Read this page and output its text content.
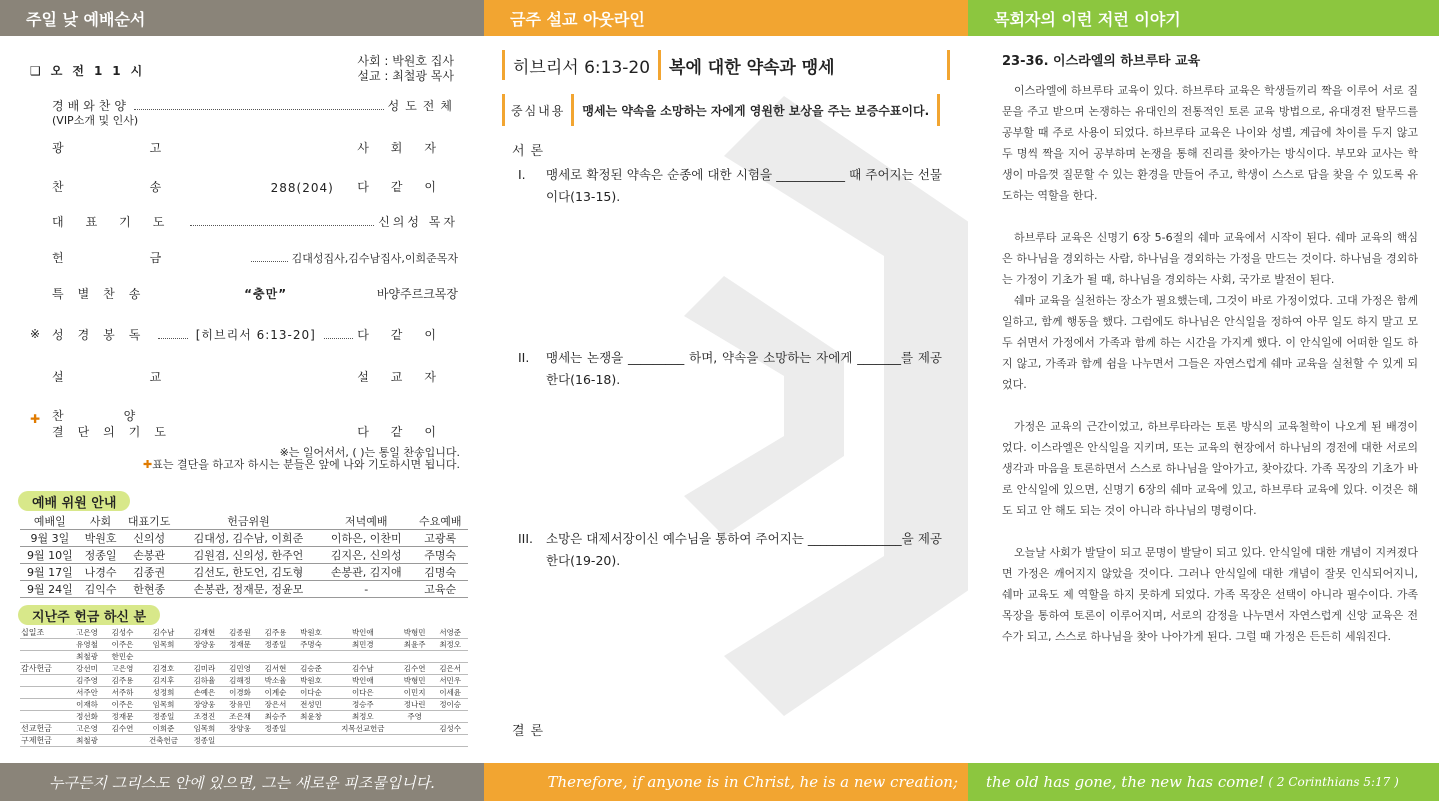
주일 낮 예배순서	금주 설교 아웃라인	목회자의 이런 저런 이야기
❑ 오전11시
사회 : 박원호 집사
설교 : 최철광 목사
경배와찬양	성도전체
(VIP소개 및 인사)
광고	사회자
찬송	288(204)	다같이
대표기도	신의성 목자
헌금	김대성집사,김수남집사,이희준목자
특별찬송	“충만”	바양주르크목장
※ 성경봉독	[히브리서 6:13-20]	다같이
설교	설교자
✚ 찬양
결단의기도	다같이
※는 일어서서, ( )는 통일 찬송입니다.
✚표는 결단을 하고자 하시는 분들은 앞에 나와 기도하시면 됩니다.
예배 위원 안내
예배일	사회	대표기도	헌금위원	저녁예배	수요예배
9월 3일	박원호	신의성	김대성, 김수남, 이희준	이하은, 이찬미	고광록
9월 10일	정종일	손봉관	김원겸, 신의성, 한주언	김지은, 신의성	주명숙
9월 17일	나경수	김종권	김선도, 한도언, 김도형	손봉관, 김지애	김명숙
9월 24일	김익수	한현종	손봉관, 정재문, 정윤모	-	고육순
지난주 헌금 하신 분
십일조	고은영	김성수	김수남	김재현	김종원	김주용	박원호	박인애	박형민	서영준
	유영철	이주은	임목희	장양웅	정재문	정종일	주명숙	최민경	최윤주	최정오
	최철광	한민순								
감사헌금	강선미	고은영	김경호	김미라	김민영	김서현	김승준	김수남	김수연	김은서
	김주영	김주용	김지후	김하율	김해정	박소율	박원호	박인애	박형민	서민우
	서주안	서주하	성정희	손예은	이경화	이계순	이다순	이다은	이민지	이세윤
	이재하	이주은	임목희	장양웅	장유민	장은서	전성민	정승주	정나린	정이승
	정선화	정재문	정종일	조경진	조은채	최승주	최윤창	최정오	주영	
선교헌금	고은영	김수연	이희준	임목희	장양웅	정종일		지목선교헌금		김성수
구제헌금	최철광		건축헌금	정종일						
히브리서 6:13-20	복에 대한 약속과 맹세
중심내용	맹세는 약속을 소망하는 자에게 영원한 보상을 주는 보증수표이다.
서론
I.	맹세로 확정된 약속은 순종에 대한 시험을 ___________ 때 주어지는 선물이다(13-15).
II.	맹세는 논쟁을 _________ 하며, 약속을 소망하는 자에게 _______를 제공한다(16-18).
III.	소망은 대제서장이신 예수님을 통하여 주어지는 _______________을 제공한다(19-20).
결론
23-36. 이스라엘의 하브루타 교육

이스라엘에 하브루타 교육이 있다. 하브루타 교육은 학생들끼리 짝을 이루어 서로 질문을 주고 받으며 논쟁하는 유대인의 전통적인 토론 교육 방법으로, 유대경전 탈무드를 공부할 때 주로 사용이 되었다. 하브루타 교육은 나이와 성별, 계급에 차이를 두지 않고 두 명씩 짝을 지어 공부하며 논쟁을 통해 진리를 찾아가는 방식이다. 부모와 교사는 학생이 마음껏 질문할 수 있는 환경을 만들어 주고, 학생이 스스로 답을 찾을 수 있도록 유도하는 역할을 한다.

하브루타 교육은 신명기 6장 5-6절의 쉐마 교육에서 시작이 된다. 쉐마 교육의 핵심은 하나님을 경외하는 사람, 하나님을 경외하는 가정을 만드는 것이다. 하나님을 경외하는 가정이 기초가 될 때, 하나님을 경외하는 사회, 국가로 발전이 된다.

쉐마 교육을 실천하는 장소가 필요했는데, 그것이 바로 가정이었다. 고대 가정은 함께 일하고, 함께 행동을 했다. 그럼에도 하나님은 안식일을 정하여 아무 일도 하지 말고 모두 쉬면서 가정에서 가족과 함께 하는 시간을 가지게 했다. 이 안식일에 어떠한 일도 하지 않고, 가족과 함께 쉼을 나누면서 그들은 자연스럽게 쉐마 교육을 실천할 수 있게 되었다.

가정은 교육의 근간이었고, 하브루타라는 토론 방식의 교육철학이 나오게 된 배경이었다. 이스라엘은 안식일을 지키며, 또는 교육의 현장에서 하나님의 경전에 대한 서로의 생각과 마음을 토론하면서 스스로 하나님을 알아가고, 찾아갔다. 가족 목장의 기초가 바로 안식일에 있으면, 신명기 6장의 쉐마 교육에 있고, 하브루타 교육에 있다. 이것은 해도 되고 안 해도 되는 것이 아니라 하나님의 명령이다.

오늘날 사회가 발달이 되고 문명이 발달이 되고 있다. 안식일에 대한 개념이 지켜졌다면 가정은 깨어지지 않았을 것이다. 그러나 안식일에 대한 개념이 잘못 인식되어지니, 쉐마 교육도 제 역할을 하지 못하게 되었다. 가족 목장은 선택이 아니라 필수이다. 가족 목장을 통하여 토론이 이루어지며, 서로의 감정을 나누면서 자연스럽게 신앙 교육은 전수가 되고, 스스로 하나님을 찾아 나아가게 된다. 그럴 때 가정은 든든히 세워진다.

누구든지 그리스도 안에 있으면, 그는 새로운 피조물입니다.	Therefore, if anyone is in Christ, he is a new creation;	the old has gone, the new has come! ( 2 Corinthians 5:17 )
